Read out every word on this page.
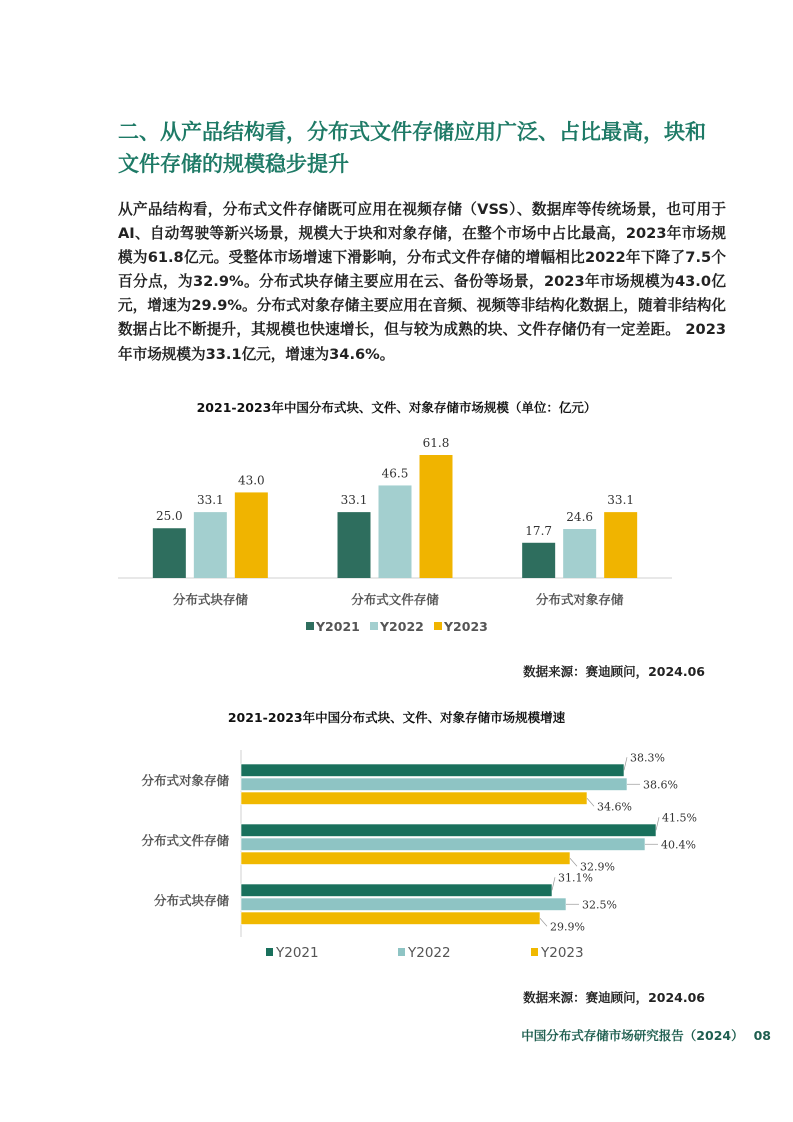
二、从产品结构看，分布式文件存储应用广泛、占比最高，块和文件存储的规模稳步提升

从产品结构看，分布式文件存储既可应用在视频存储（VSS）、数据库等传统场景，也可用于AI、自动驾驶等新兴场景，规模大于块和对象存储，在整个市场中占比最高，2023年市场规模为61.8亿元。受整体市场增速下滑影响，分布式文件存储的增幅相比2022年下降了7.5个百分点，为32.9%。分布式块存储主要应用在云、备份等场景，2023年市场规模为43.0亿元，增速为29.9%。分布式对象存储主要应用在音频、视频等非结构化数据上，随着非结构化数据占比不断提升，其规模也快速增长，但与较为成熟的块、文件存储仍有一定差距。 2023年市场规模为33.1亿元，增速为34.6%。

2021-2023年中国分布式块、文件、对象存储市场规模（单位：亿元）
25.0
33.1
43.0
分布式块存储
33.1
46.5
61.8
分布式文件存储
17.7
24.6
33.1
分布式对象存储
Y2021 Y2022 Y2023
数据来源：赛迪顾问，2024.06
2021-2023年中国分布式块、文件、对象存储市场规模增速
38.3%
38.6%
34.6%
分布式对象存储
41.5%
40.4%
32.9%
分布式文件存储
31.1%
32.5%
29.9%
分布式块存储
Y2021	Y2022	Y2023
数据来源：赛迪顾问，2024.06
中国分布式存储市场研究报告（2024） 08
